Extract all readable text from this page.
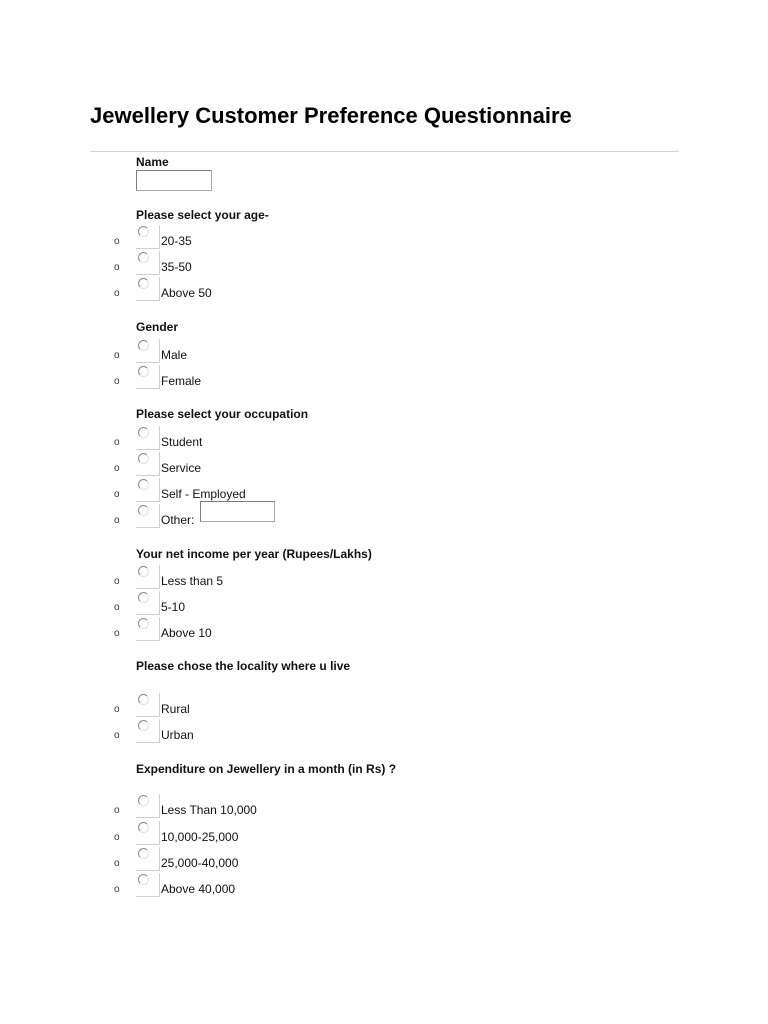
Jewellery Customer Preference Questionnaire
Name
Please select your age-
o	20-35
o	35-50
o	Above 50
Gender
o	Male
o	Female
Please select your occupation
o	Student
o	Service
o	Self - Employed
o	Other:
Your net income per year (Rupees/Lakhs)
o	Less than 5
o	5-10
o	Above 10
Please chose the locality where u live
o	Rural
o	Urban
Expenditure on Jewellery in a month (in Rs) ?
o	Less Than 10,000
o	10,000-25,000
o	25,000-40,000
o	Above 40,000
